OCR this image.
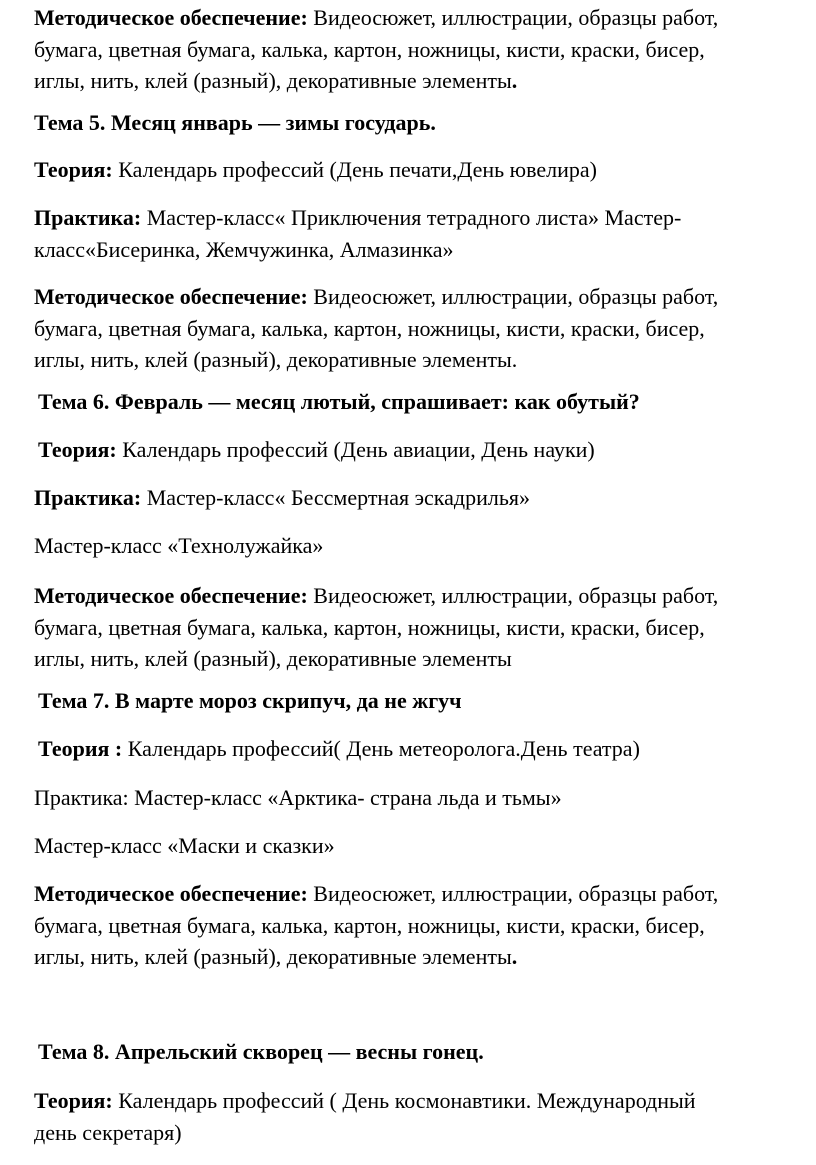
Методическое обеспечение: Видеосюжет, иллюстрации, образцы работ,
бумага, цветная бумага, калька, картон, ножницы, кисти, краски, бисер,
иглы, нить, клей (разный), декоративные элементы.

Тема 5. Месяц январь — зимы государь.

Теория: Календарь профессий (День печати,День ювелира)

Практика: Мастер-класс« Приключения тетрадного листа» Мастер-
класс«Бисеринка, Жемчужинка, Алмазинка»

Методическое обеспечение: Видеосюжет, иллюстрации, образцы работ,
бумага, цветная бумага, калька, картон, ножницы, кисти, краски, бисер,
иглы, нить, клей (разный), декоративные элементы.

Тема 6. Февраль — месяц лютый, спрашивает: как обутый?

Теория: Календарь профессий (День авиации, День науки)

Практика: Мастер-класс« Бессмертная эскадрилья»

Мастер-класс «Технолужайка»

Методическое обеспечение: Видеосюжет, иллюстрации, образцы работ,
бумага, цветная бумага, калька, картон, ножницы, кисти, краски, бисер,
иглы, нить, клей (разный), декоративные элементы

Тема 7. В марте мороз скрипуч, да не жгуч

Теория : Календарь профессий( День метеоролога.День театра)

Практика: Мастер-класс «Арктика- страна льда и тьмы»

Мастер-класс «Маски и сказки»

Методическое обеспечение: Видеосюжет, иллюстрации, образцы работ,
бумага, цветная бумага, калька, картон, ножницы, кисти, краски, бисер,
иглы, нить, клей (разный), декоративные элементы.

Тема 8. Апрельский скворец — весны гонец.

Теория: Календарь профессий ( День космонавтики. Международный
день секретаря)
